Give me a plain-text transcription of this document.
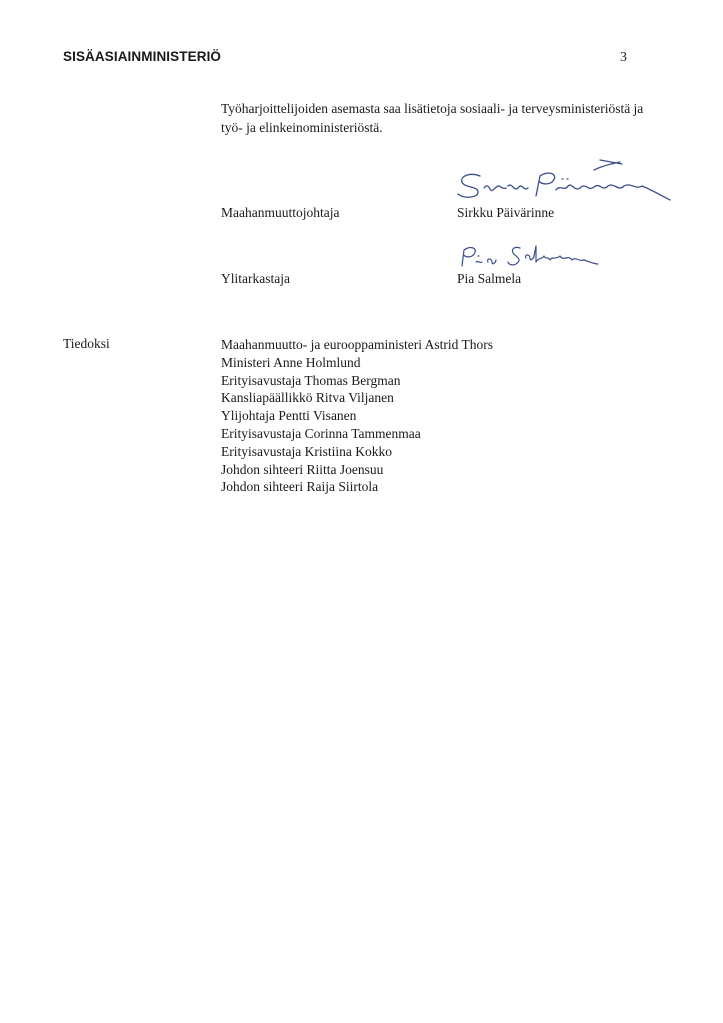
SISÄASIAINMINISTERIÖ	3
Työharjoittelijoiden asemasta saa lisätietoja sosiaali- ja terveysministeriöstä ja
työ- ja elinkeinoministeriöstä.
Maahanmuuttojohtaja	Sirkku Päivärinne
Ylitarkastaja	Pia Salmela
Tiedoksi	Maahanmuutto- ja eurooppaministeri Astrid Thors
Ministeri Anne Holmlund
Erityisavustaja Thomas Bergman
Kansliapäällikkö Ritva Viljanen
Ylijohtaja Pentti Visanen
Erityisavustaja Corinna Tammenmaa
Erityisavustaja Kristiina Kokko
Johdon sihteeri Riitta Joensuu
Johdon sihteeri Raija Siirtola
